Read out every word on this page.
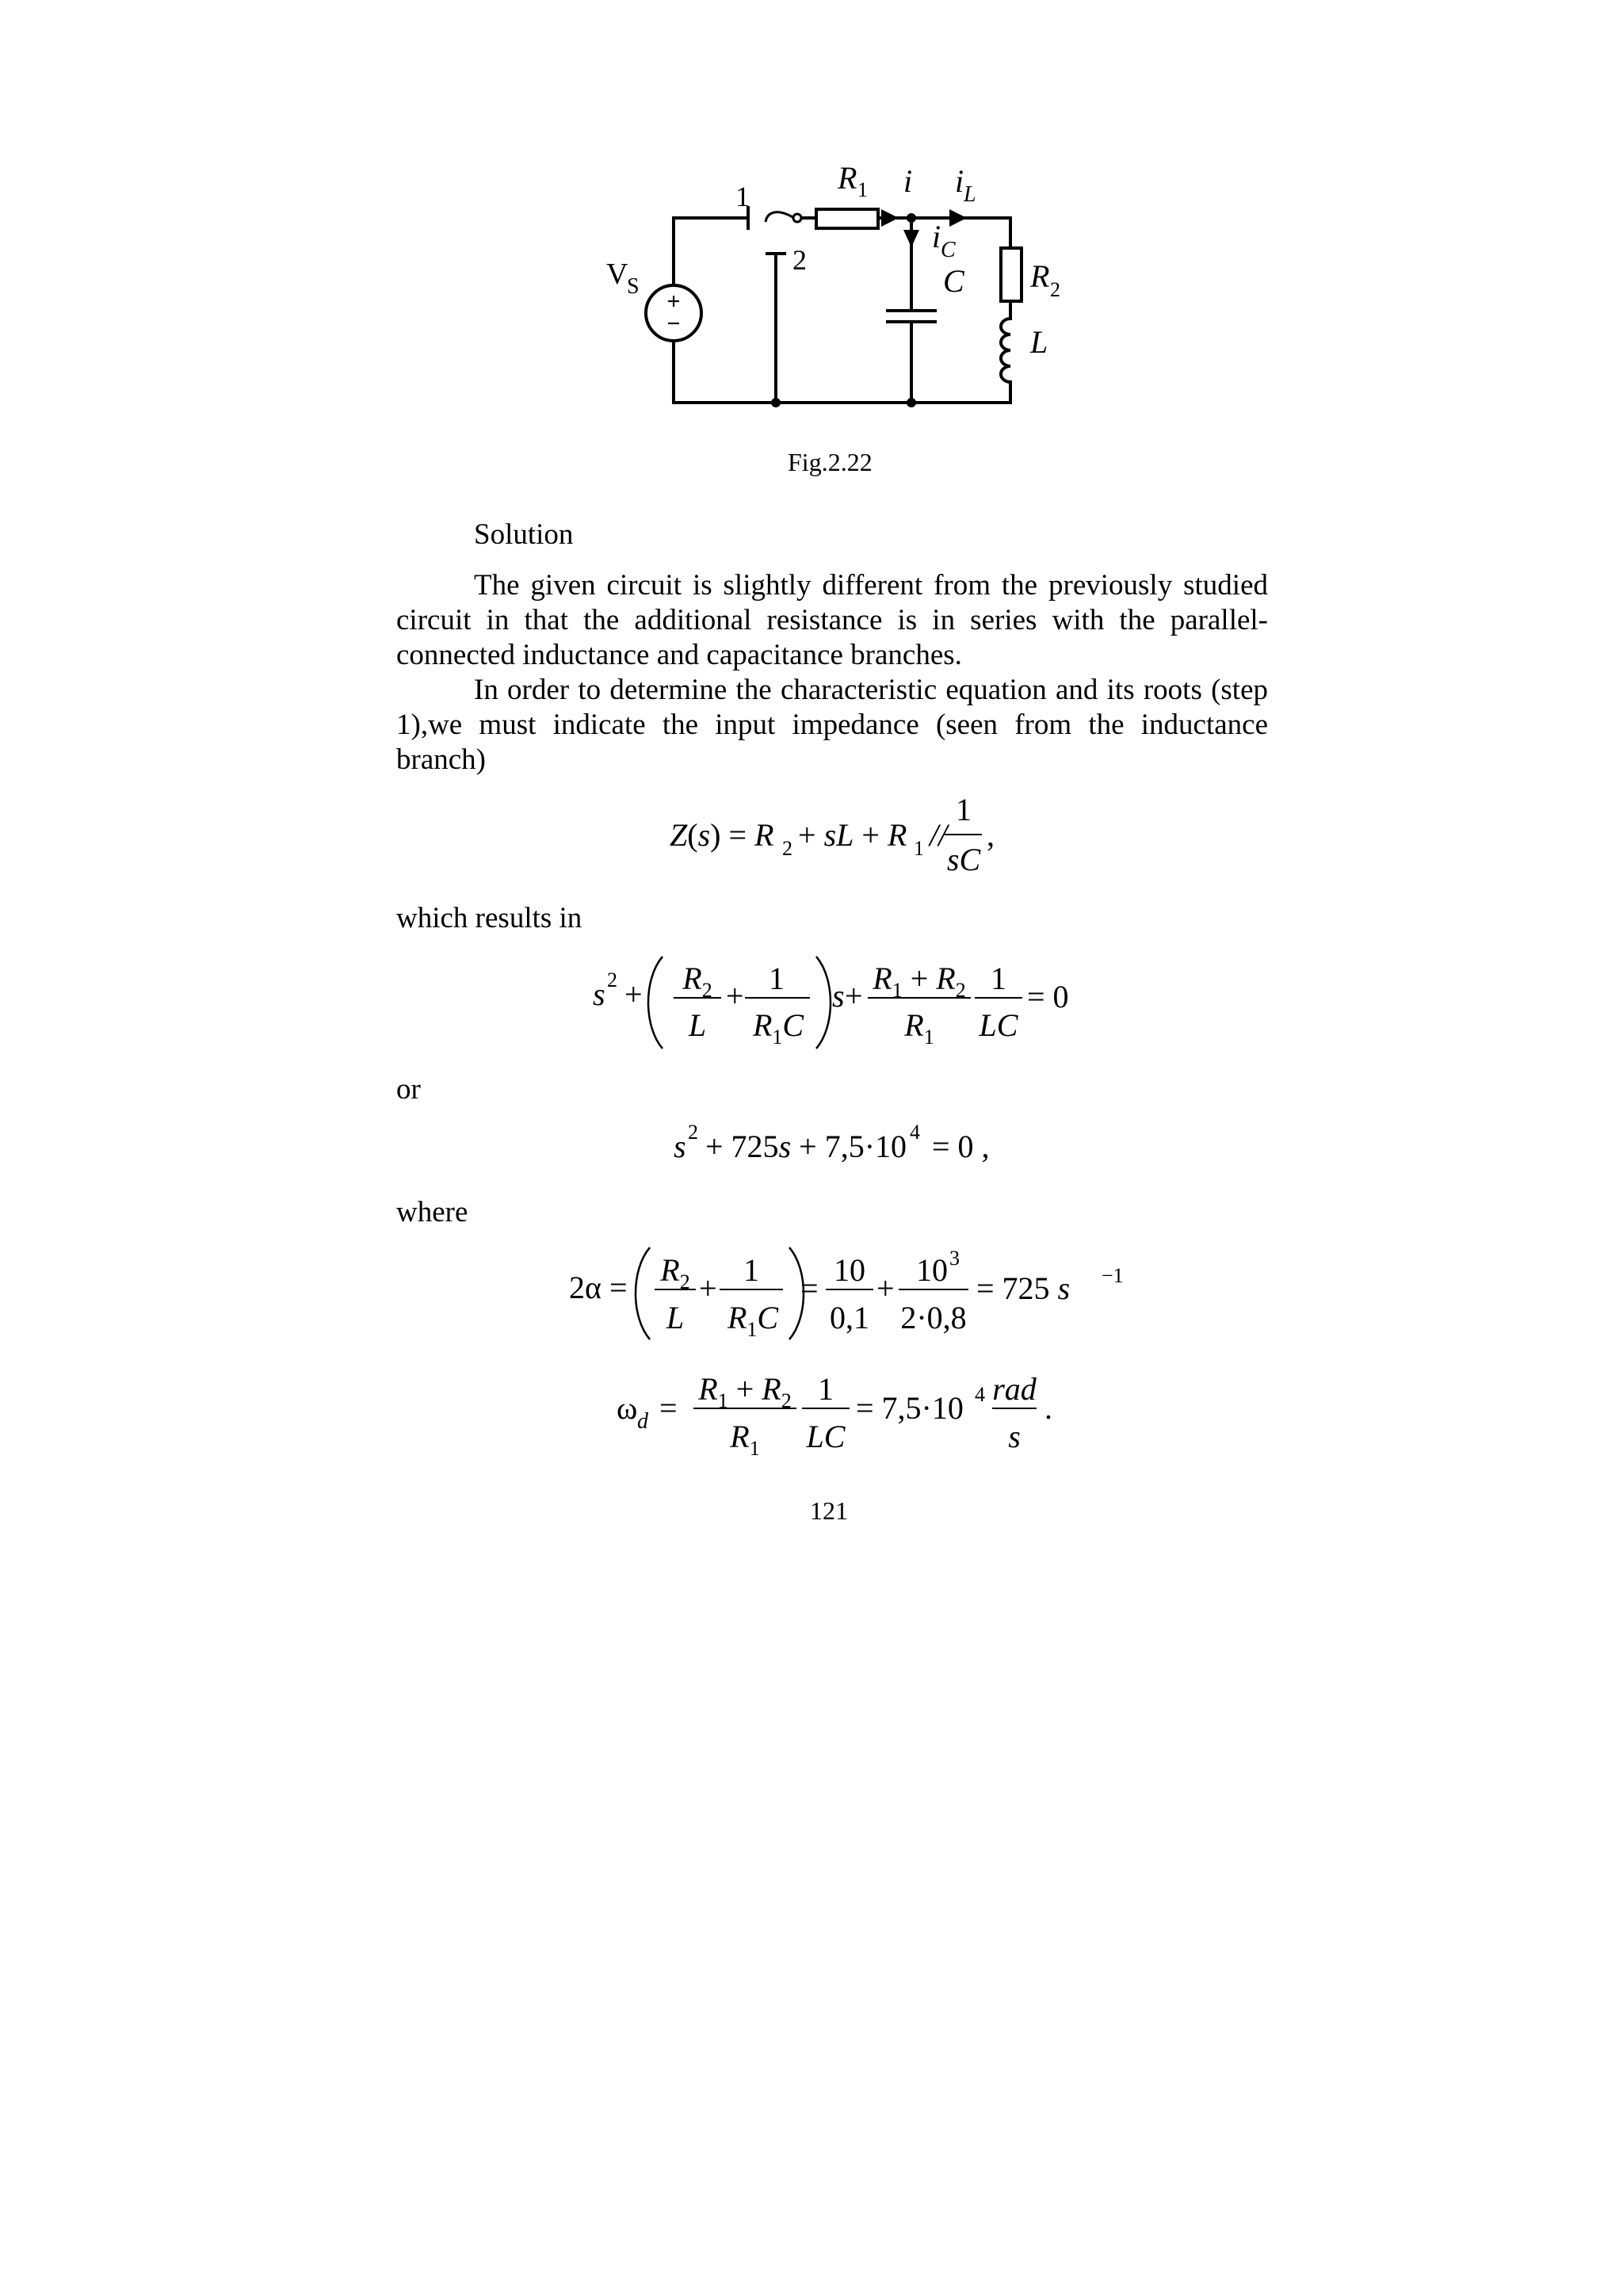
+
−
V
S
1
2
R 1 i i L
i C
C R 2
L
Fig.2.22
Solution
The given circuit is slightly different from the previously studied circuit in that the additional resistance is in series with the parallel-connected inductance and capacitance branches.
In order to determine the characteristic equation and its roots (step 1),we must indicate the input impedance (seen from the inductance branch)
Z(s) = R 2 + sL + R 1 //
1
sC
,
which results in
s $2 + R_2$
L
+ 1
$R_1C$
$s + R_1 + R_2$
$R_1$
1
LC
= 0
or
s 2 + 725s + 7,5·10 4 = 0 ,
where
$2\alpha = R_2$
L
+
1
$R_1C$
=
10
0,1
+
10 3
2·0,8
= 725 s −1
ω d =
$R_1 + R_2$
$R_1$
1
LC
= 7,5·10 4 rad
s
.
121
